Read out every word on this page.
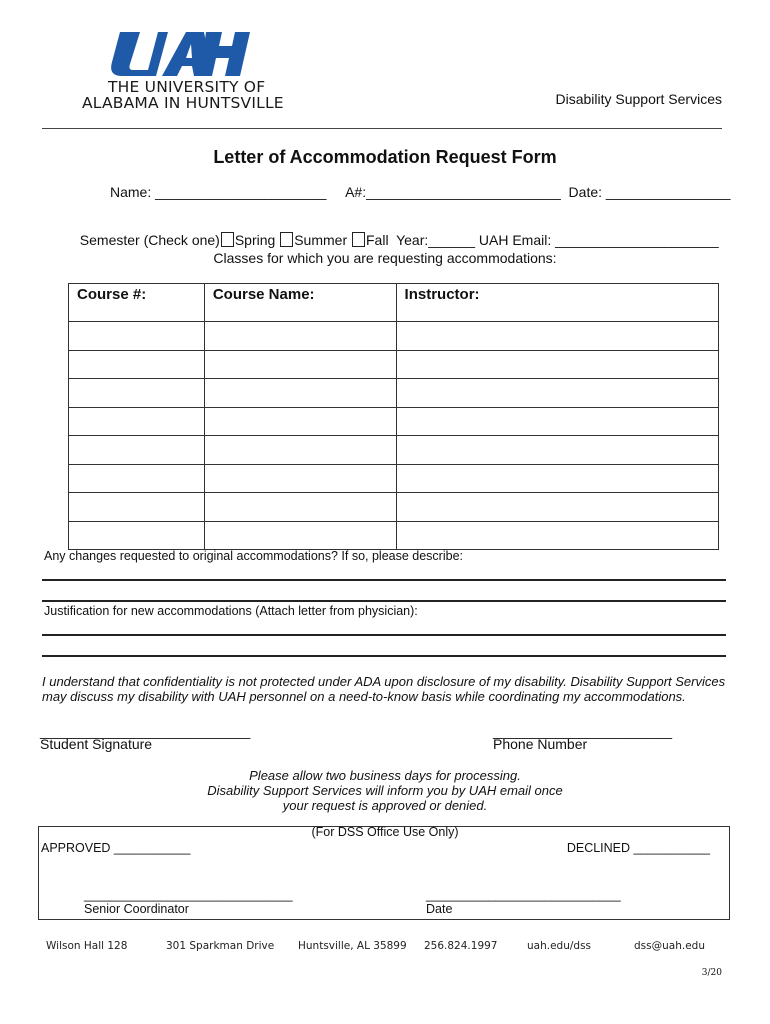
THE UNIVERSITY OF
ALABAMA IN HUNTSVILLE	Disability Support Services
Letter of Accommodation Request Form
Name: ______________________     A#:_________________________  Date: ________________

Semester (Check one) Spring Summer Fall Year:______ UAH Email: _____________________

Classes for which you are requesting accommodations:
Course #:	Course Name:	Instructor:

Any changes requested to original accommodations? If so, please describe:
Justification for new accommodations (Attach letter from physician):
I understand that confidentiality is not protected under ADA upon disclosure of my disability. Disability Support Services
may discuss my disability with UAH personnel on a need-to-know basis while coordinating my accommodations.
___________________________
Student Signature
_______________________
Phone Number
Please allow two business days for processing.
Disability Support Services will inform you by UAH email once
your request is approved or denied.
(For DSS Office Use Only)
APPROVED ___________	DECLINED ___________
______________________________
Senior Coordinator
____________________________
Date
Wilson Hall 128	301 Sparkman Drive Huntsville, AL 35899 256.824.1997	uah.edu/dss	dss@uah.edu
3/20
